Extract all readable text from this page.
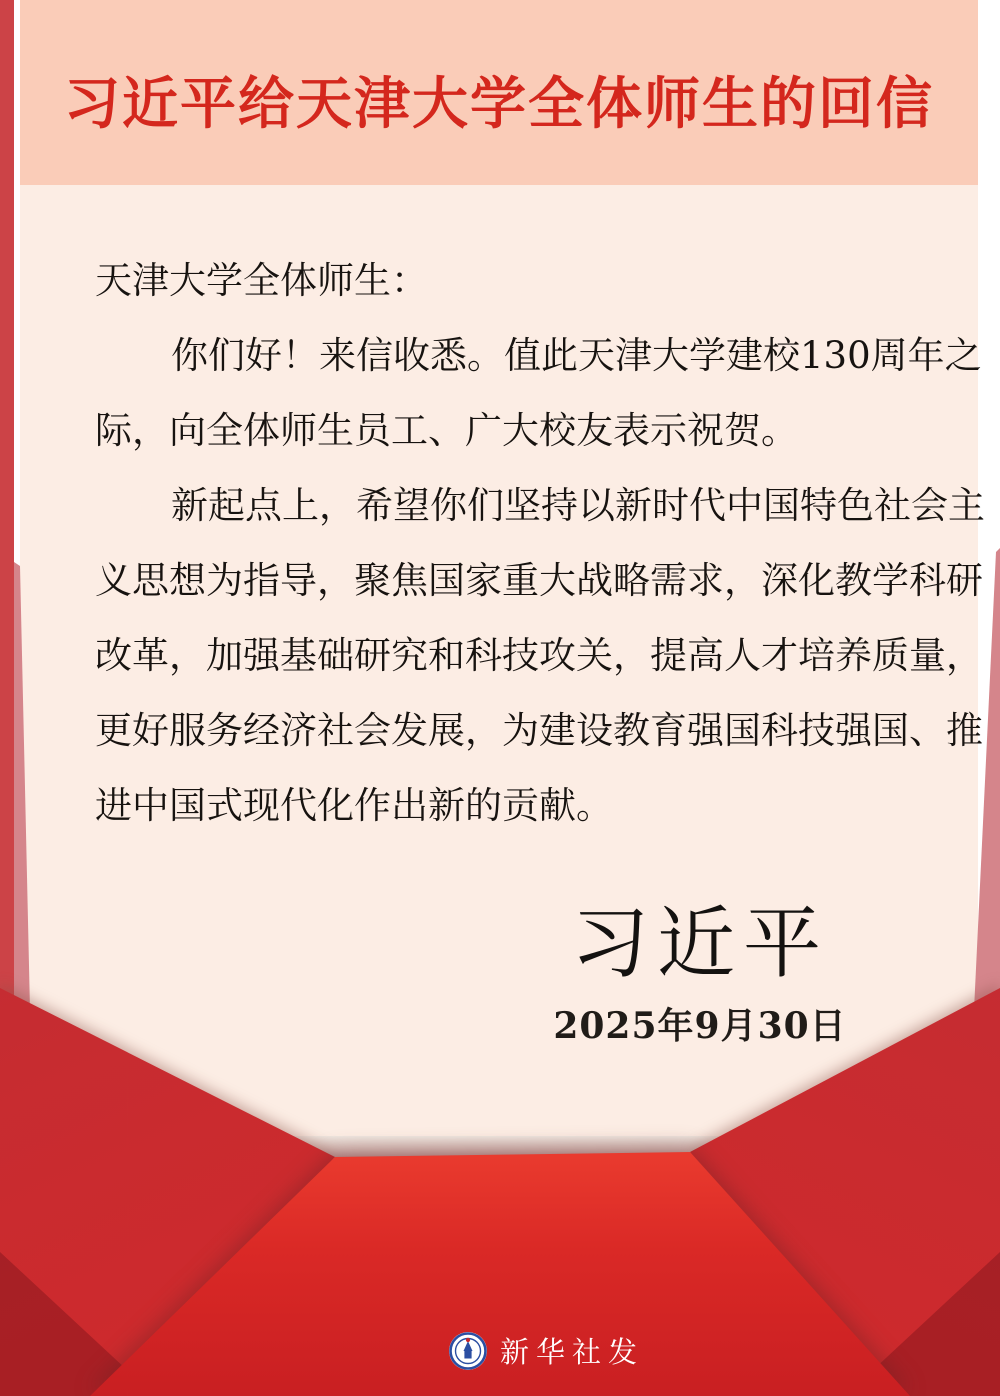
习近平给天津大学全体师生的回信
天津大学全体师生：
你们好！来信收悉。值此天津大学建校130周年之
际，向全体师生员工、广大校友表示祝贺。
新起点上，希望你们坚持以新时代中国特色社会主
义思想为指导，聚焦国家重大战略需求，深化教学科研
改革，加强基础研究和科技攻关，提高人才培养质量，
更好服务经济社会发展，为建设教育强国科技强国、推
进中国式现代化作出新的贡献。
习近平
2025年9月30日
新华社发
